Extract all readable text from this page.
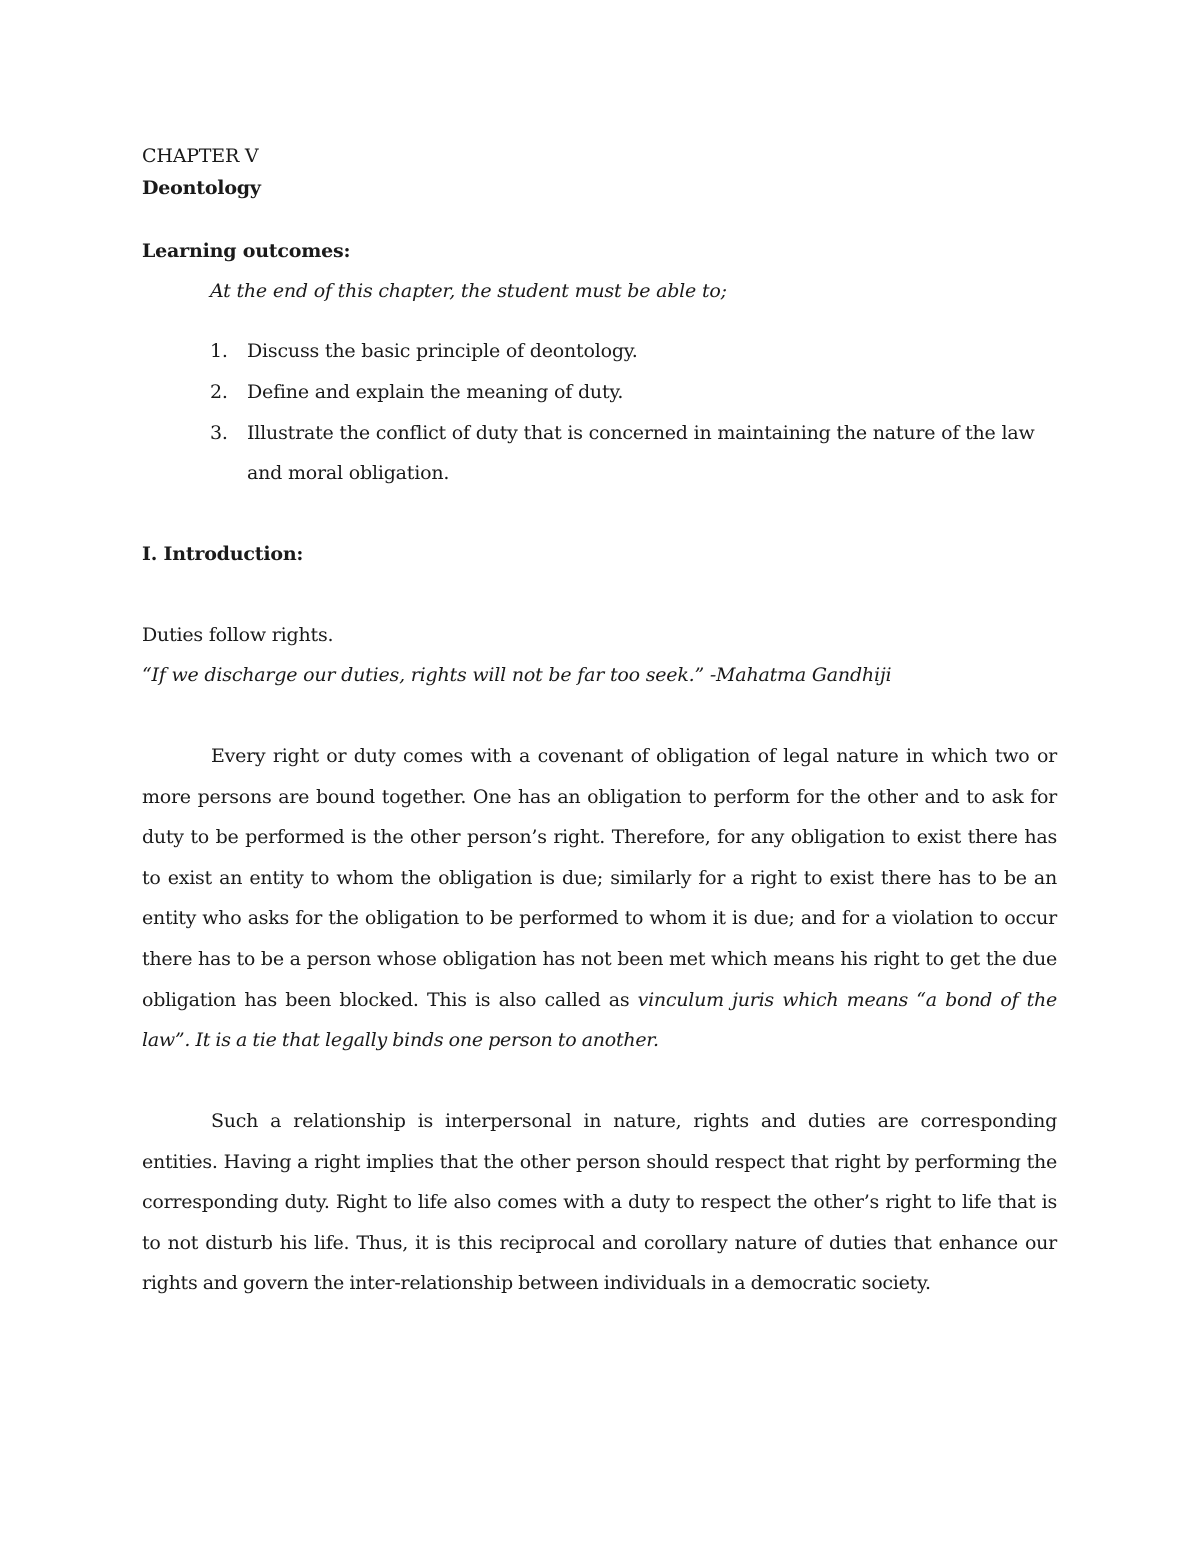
CHAPTER V
Deontology
Learning outcomes:
At the end of this chapter, the student must be able to;
1.	Discuss the basic principle of deontology.
2.	Define and explain the meaning of duty.
3.	Illustrate the conflict of duty that is concerned in maintaining the nature of the law
and moral obligation.
I. Introduction:
Duties follow rights.
“If we discharge our duties, rights will not be far too seek.” -Mahatma Gandhiji

Every right or duty comes with a covenant of obligation of legal nature in which two or more persons are bound together. One has an obligation to perform for the other and to ask for duty to be performed is the other person’s right. Therefore, for any obligation to exist there has to exist an entity to whom the obligation is due; similarly for a right to exist there has to be an entity who asks for the obligation to be performed to whom it is due; and for a violation to occur there has to be a person whose obligation has not been met which means his right to get the due obligation has been blocked. This is also called as vinculum juris which means “a bond of the law”. It is a tie that legally binds one person to another.

Such a relationship is interpersonal in nature, rights and duties are corresponding entities. Having a right implies that the other person should respect that right by performing the corresponding duty. Right to life also comes with a duty to respect the other’s right to life that is to not disturb his life. Thus, it is this reciprocal and corollary nature of duties that enhance our rights and govern the inter-relationship between individuals in a democratic society.
